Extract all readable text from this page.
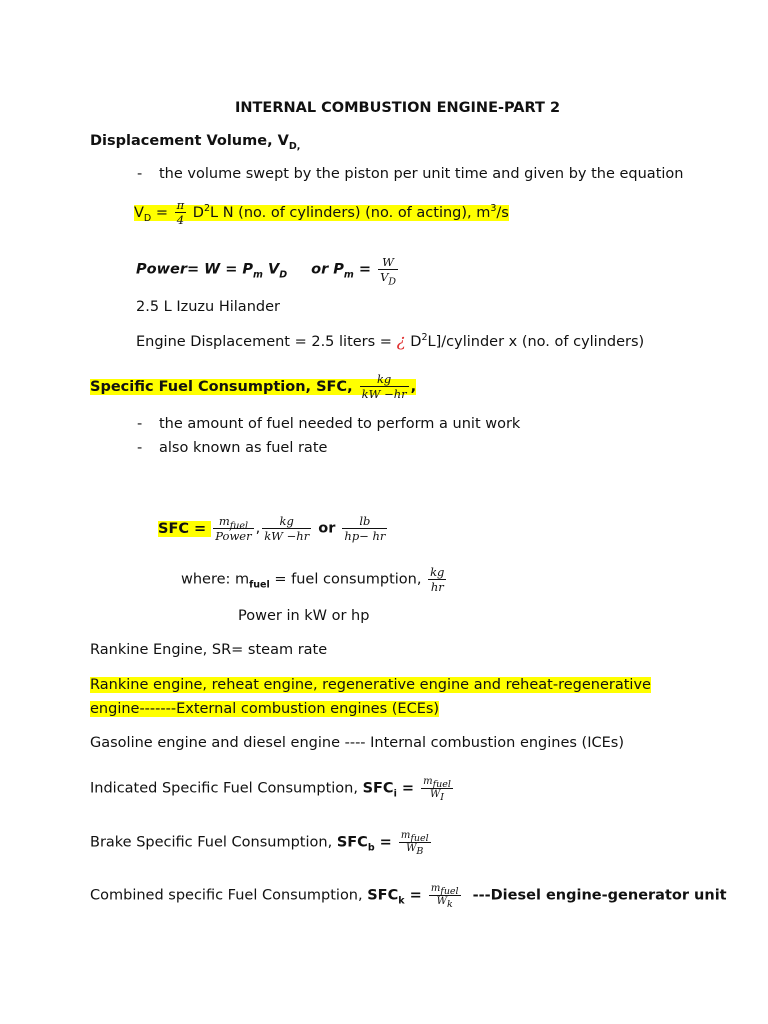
INTERNAL COMBUSTION ENGINE-PART 2
Displacement Volume, $V_{D,}$
- the volume swept by the piston per unit time and given by the equation
$V_D = \frac{\pi}{4} D^2L$ N (no. of cylinders) (no. of acting), $m^3/s$
Power= $W = P_m$ $V_D$ or $P_m = \frac{W}{V_D}$
2.5 L Izuzu Hilander
Engine Displacement = 2.5 liters = ¿ $D^2L$]/cylinder x (no. of cylinders)
Specific Fuel Consumption, SFC, $\frac{kg}{kW -hr}$ ,
- the amount of fuel needed to perform a unit work
- also known as fuel rate
SFC = $\frac{m_{fuel}}{\text{Power}}$ , $\frac{kg}{kW -hr}$ or $\frac{lb}{hp- hr}$
where: $m_{fuel}$ = fuel consumption, $\frac{kg}{hr}$
Power in kW or hp
Rankine Engine, SR= steam rate
Rankine engine, reheat engine, regenerative engine and reheat-regenerative
engine-------External combustion engines (ECEs)
Gasoline engine and diesel engine ---- Internal combustion engines (ICEs)
Indicated Specific Fuel Consumption, $SFC_i = \frac{m_{fuel}}{W_I}$
Brake Specific Fuel Consumption, $SFC_b = \frac{m_{fuel}}{W_B}$
Combined specific Fuel Consumption, $SFC_k = \frac{m_{fuel}}{W_k}$ ---Diesel engine-generator unit
